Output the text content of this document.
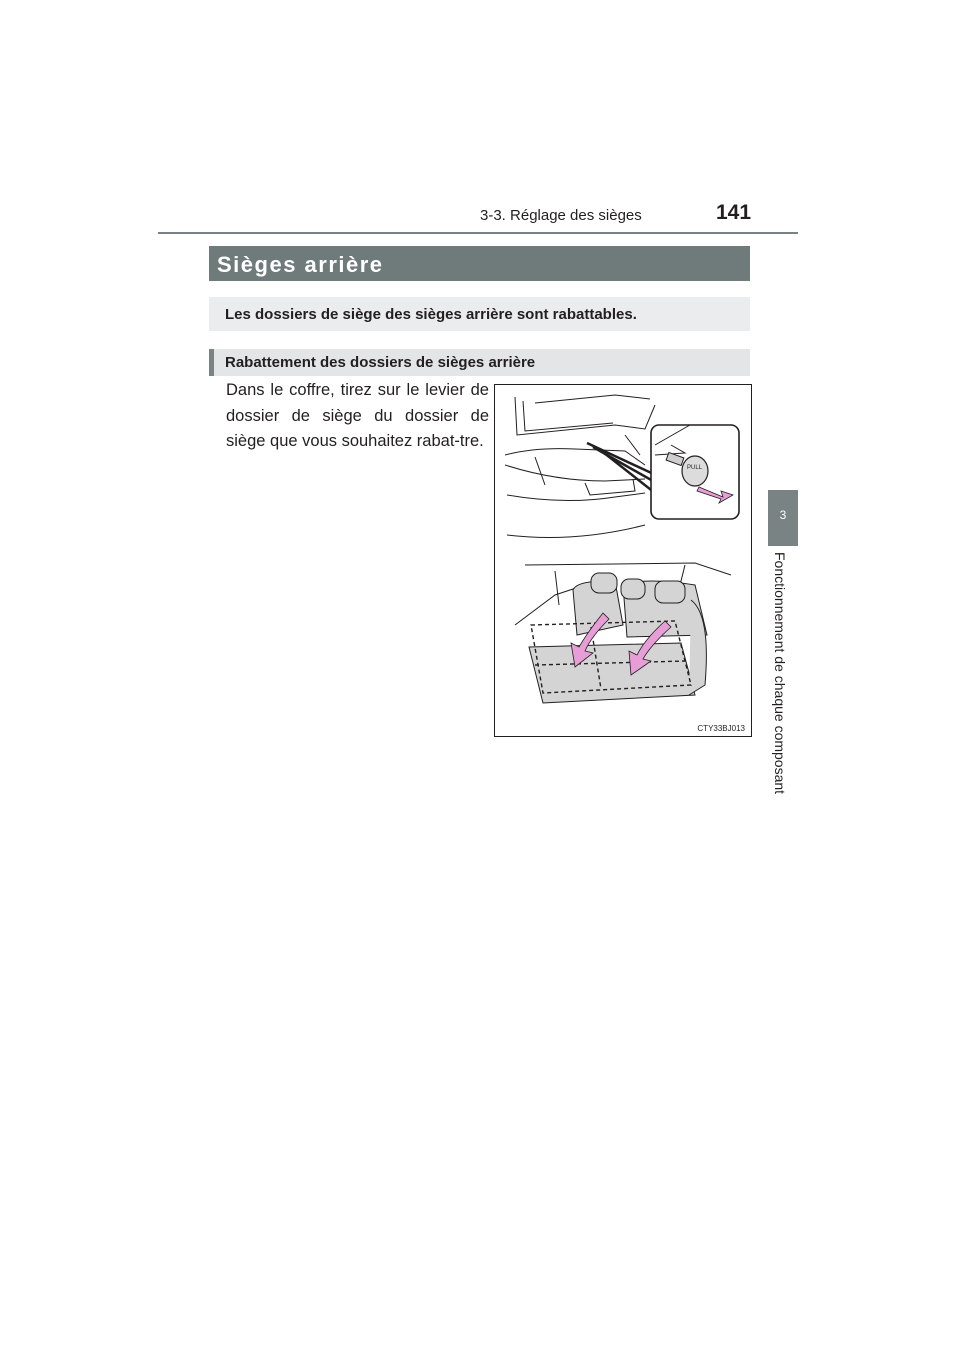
3-3. Réglage des sièges	141
3
Fonctionnement de chaque composant
Sièges arrière
Les dossiers de siège des sièges arrière sont rabattables.
Rabattement des dossiers de sièges arrière
Dans le coffre, tirez sur le levier de dossier de siège du dossier de siège que vous souhaitez rabat-tre.
PULL
CTY33BJ013
